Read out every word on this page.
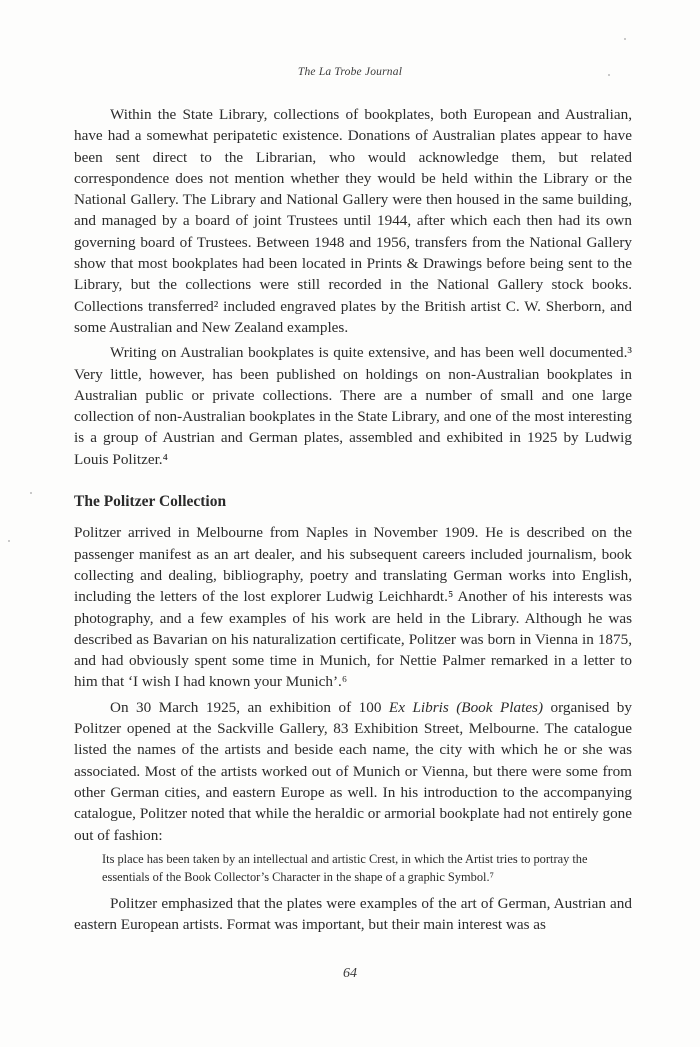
The La Trobe Journal

Within the State Library, collections of bookplates, both European and Australian, have had a somewhat peripatetic existence. Donations of Australian plates appear to have been sent direct to the Librarian, who would acknowledge them, but related correspondence does not mention whether they would be held within the Library or the National Gallery. The Library and National Gallery were then housed in the same building, and managed by a board of joint Trustees until 1944, after which each then had its own governing board of Trustees. Between 1948 and 1956, transfers from the National Gallery show that most bookplates had been located in Prints & Drawings before being sent to the Library, but the collections were still recorded in the National Gallery stock books. Collections transferred² included engraved plates by the British artist C. W. Sherborn, and some Australian and New Zealand examples.

Writing on Australian bookplates is quite extensive, and has been well documented.³ Very little, however, has been published on holdings on non-Australian bookplates in Australian public or private collections. There are a number of small and one large collection of non-Australian bookplates in the State Library, and one of the most interesting is a group of Austrian and German plates, assembled and exhibited in 1925 by Ludwig Louis Politzer.⁴

The Politzer Collection

Politzer arrived in Melbourne from Naples in November 1909. He is described on the passenger manifest as an art dealer, and his subsequent careers included journalism, book collecting and dealing, bibliography, poetry and translating German works into English, including the letters of the lost explorer Ludwig Leichhardt.⁵ Another of his interests was photography, and a few examples of his work are held in the Library. Although he was described as Bavarian on his naturalization certificate, Politzer was born in Vienna in 1875, and had obviously spent some time in Munich, for Nettie Palmer remarked in a letter to him that ‘I wish I had known your Munich’.⁶

On 30 March 1925, an exhibition of 100 Ex Libris (Book Plates) organised by Politzer opened at the Sackville Gallery, 83 Exhibition Street, Melbourne. The catalogue listed the names of the artists and beside each name, the city with which he or she was associated. Most of the artists worked out of Munich or Vienna, but there were some from other German cities, and eastern Europe as well. In his introduction to the accompanying catalogue, Politzer noted that while the heraldic or armorial bookplate had not entirely gone out of fashion:

Its place has been taken by an intellectual and artistic Crest, in which the Artist tries to portray the essentials of the Book Collector’s Character in the shape of a graphic Symbol.⁷

Politzer emphasized that the plates were examples of the art of German, Austrian and eastern European artists. Format was important, but their main interest was as

64
